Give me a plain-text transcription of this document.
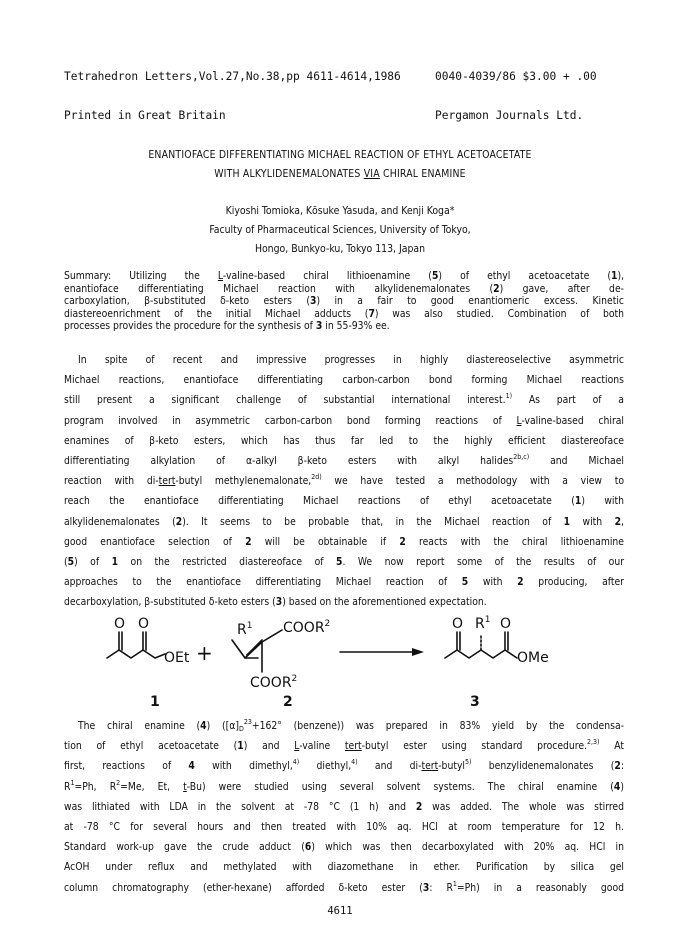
Tetrahedron Letters,Vol.27,No.38,pp 4611-4614,1986

Printed in Great Britain

0040-4039/86 $3.00 + .00

Pergamon Journals Ltd.

ENANTIOFACE DIFFERENTIATING MICHAEL REACTION OF ETHYL ACETOACETATE
WITH ALKYLIDENEMALONATES VIA CHIRAL ENAMINE
Kiyoshi Tomioka, Kōsuke Yasuda, and Kenji Koga*
Faculty of Pharmaceutical Sciences, University of Tokyo,
Hongo, Bunkyo-ku, Tokyo 113, Japan
Summary: Utilizing the L-valine-based chiral lithioenamine (5) of ethyl acetoacetate (1),
enantioface differentiating Michael reaction with alkylidenemalonates (2) gave, after de-
carboxylation, β-substituted δ-keto esters (3) in a fair to good enantiomeric excess. Kinetic
diastereoenrichment of the initial Michael adducts (7) was also studied. Combination of both
processes provides the procedure for the synthesis of 3 in 55-93% ee.
In spite of recent and impressive progresses in highly diastereoselective asymmetric
Michael reactions, enantioface differentiating carbon-carbon bond forming Michael reactions
still present a significant challenge of substantial international interest.$^{1)}$ As part of a
program involved in asymmetric carbon-carbon bond forming reactions of L-valine-based chiral
enamines of β-keto esters, which has thus far led to the highly efficient diastereoface
differentiating alkylation of α-alkyl β-keto esters with alkyl halides$^{2b,c)}$ and Michael
reaction with di-tert-butyl methylenemalonate,$^{2d)}$ we have tested a methodology with a view to
reach the enantioface differentiating Michael reactions of ethyl acetoacetate (1) with
alkylidenemalonates (2). It seems to be probable that, in the Michael reaction of 1 with 2,
good enantioface selection of 2 will be obtainable if 2 reacts with the chiral lithioenamine
(5) of 1 on the restricted diastereoface of 5. We now report some of the results of our
approaches to the enantioface differentiating Michael reaction of 5 with 2 producing, after
decarboxylation, β-substituted δ-keto esters (3) based on the aforementioned expectation.
O O
OEt +
$R^1$ COOR$^2$
COOR$^2$
O	O
$R^1$
OMe
1	2	3
The chiral enamine (4) ($[\alpha]_D^{23}+162^\circ$ (benzene)) was prepared in 83% yield by the condensa-
tion of ethyl acetoacetate (1) and L-valine tert-butyl ester using standard procedure.$^{2,3)}$ At
first, reactions of 4 with dimethyl,$^{4)}$ diethyl,$^{4)}$ and di-tert-butyl$^{5)}$ benzylidenemalonates (2:
$R^1=Ph$, $R^2=Me$, Et, t-Bu) were studied using several solvent systems. The chiral enamine (4)
was lithiated with LDA in the solvent at -78 °C (1 h) and 2 was added. The whole was stirred
at -78 °C for several hours and then treated with 10% aq. HCl at room temperature for 12 h.
Standard work-up gave the crude adduct (6) which was then decarboxylated with 20% aq. HCl in
AcOH under reflux and methylated with diazomethane in ether. Purification by silica gel
column chromatography (ether-hexane) afforded δ-keto ester (3: $R^1=Ph$) in a reasonably good
4611
